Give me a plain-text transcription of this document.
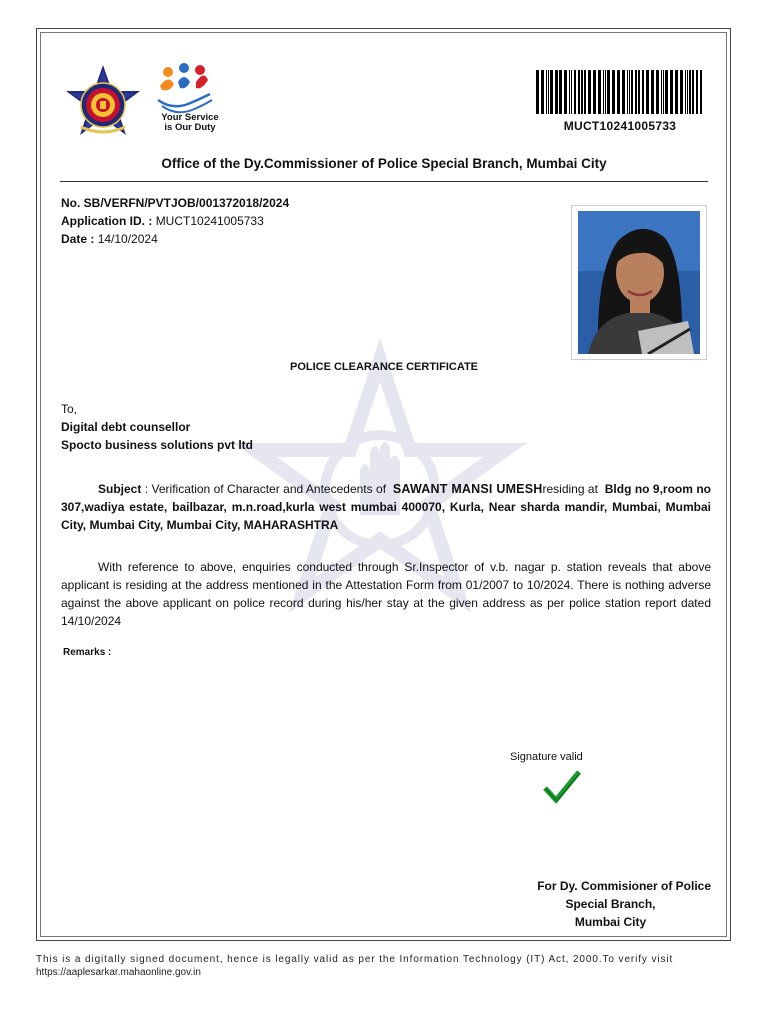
Your Service
is Our Duty	MUCT10241005733
Office of the Dy.Commissioner of Police Special Branch, Mumbai City
No. SB/VERFN/PVTJOB/001372018/2024
Application ID. : MUCT10241005733
Date : 14/10/2024
POLICE CLEARANCE CERTIFICATE
To,
Digital debt counsellor
Spocto business solutions pvt ltd
Subject : Verification of Character and Antecedents of SAWANT MANSI UMESHresiding at Bldg no 9,room no 307,wadiya estate, bailbazar, m.n.road,kurla west mumbai 400070, Kurla, Near sharda mandir, Mumbai, Mumbai City, Mumbai City, Mumbai City, MAHARASHTRA
With reference to above, enquiries conducted through Sr.Inspector of v.b. nagar p. station reveals that above applicant is residing at the address mentioned in the Attestation Form from 01/2007 to 10/2024. There is nothing adverse against the above applicant on police record during his/her stay at the given address as per police station report dated 14/10/2024
Remarks :
Signature valid
For Dy. Commisioner of Police
Special Branch,
Mumbai City
This is a digitally signed document, hence is legally valid as per the Information Technology (IT) Act, 2000.To verify visit
https://aaplesarkar.mahaonline.gov.in
